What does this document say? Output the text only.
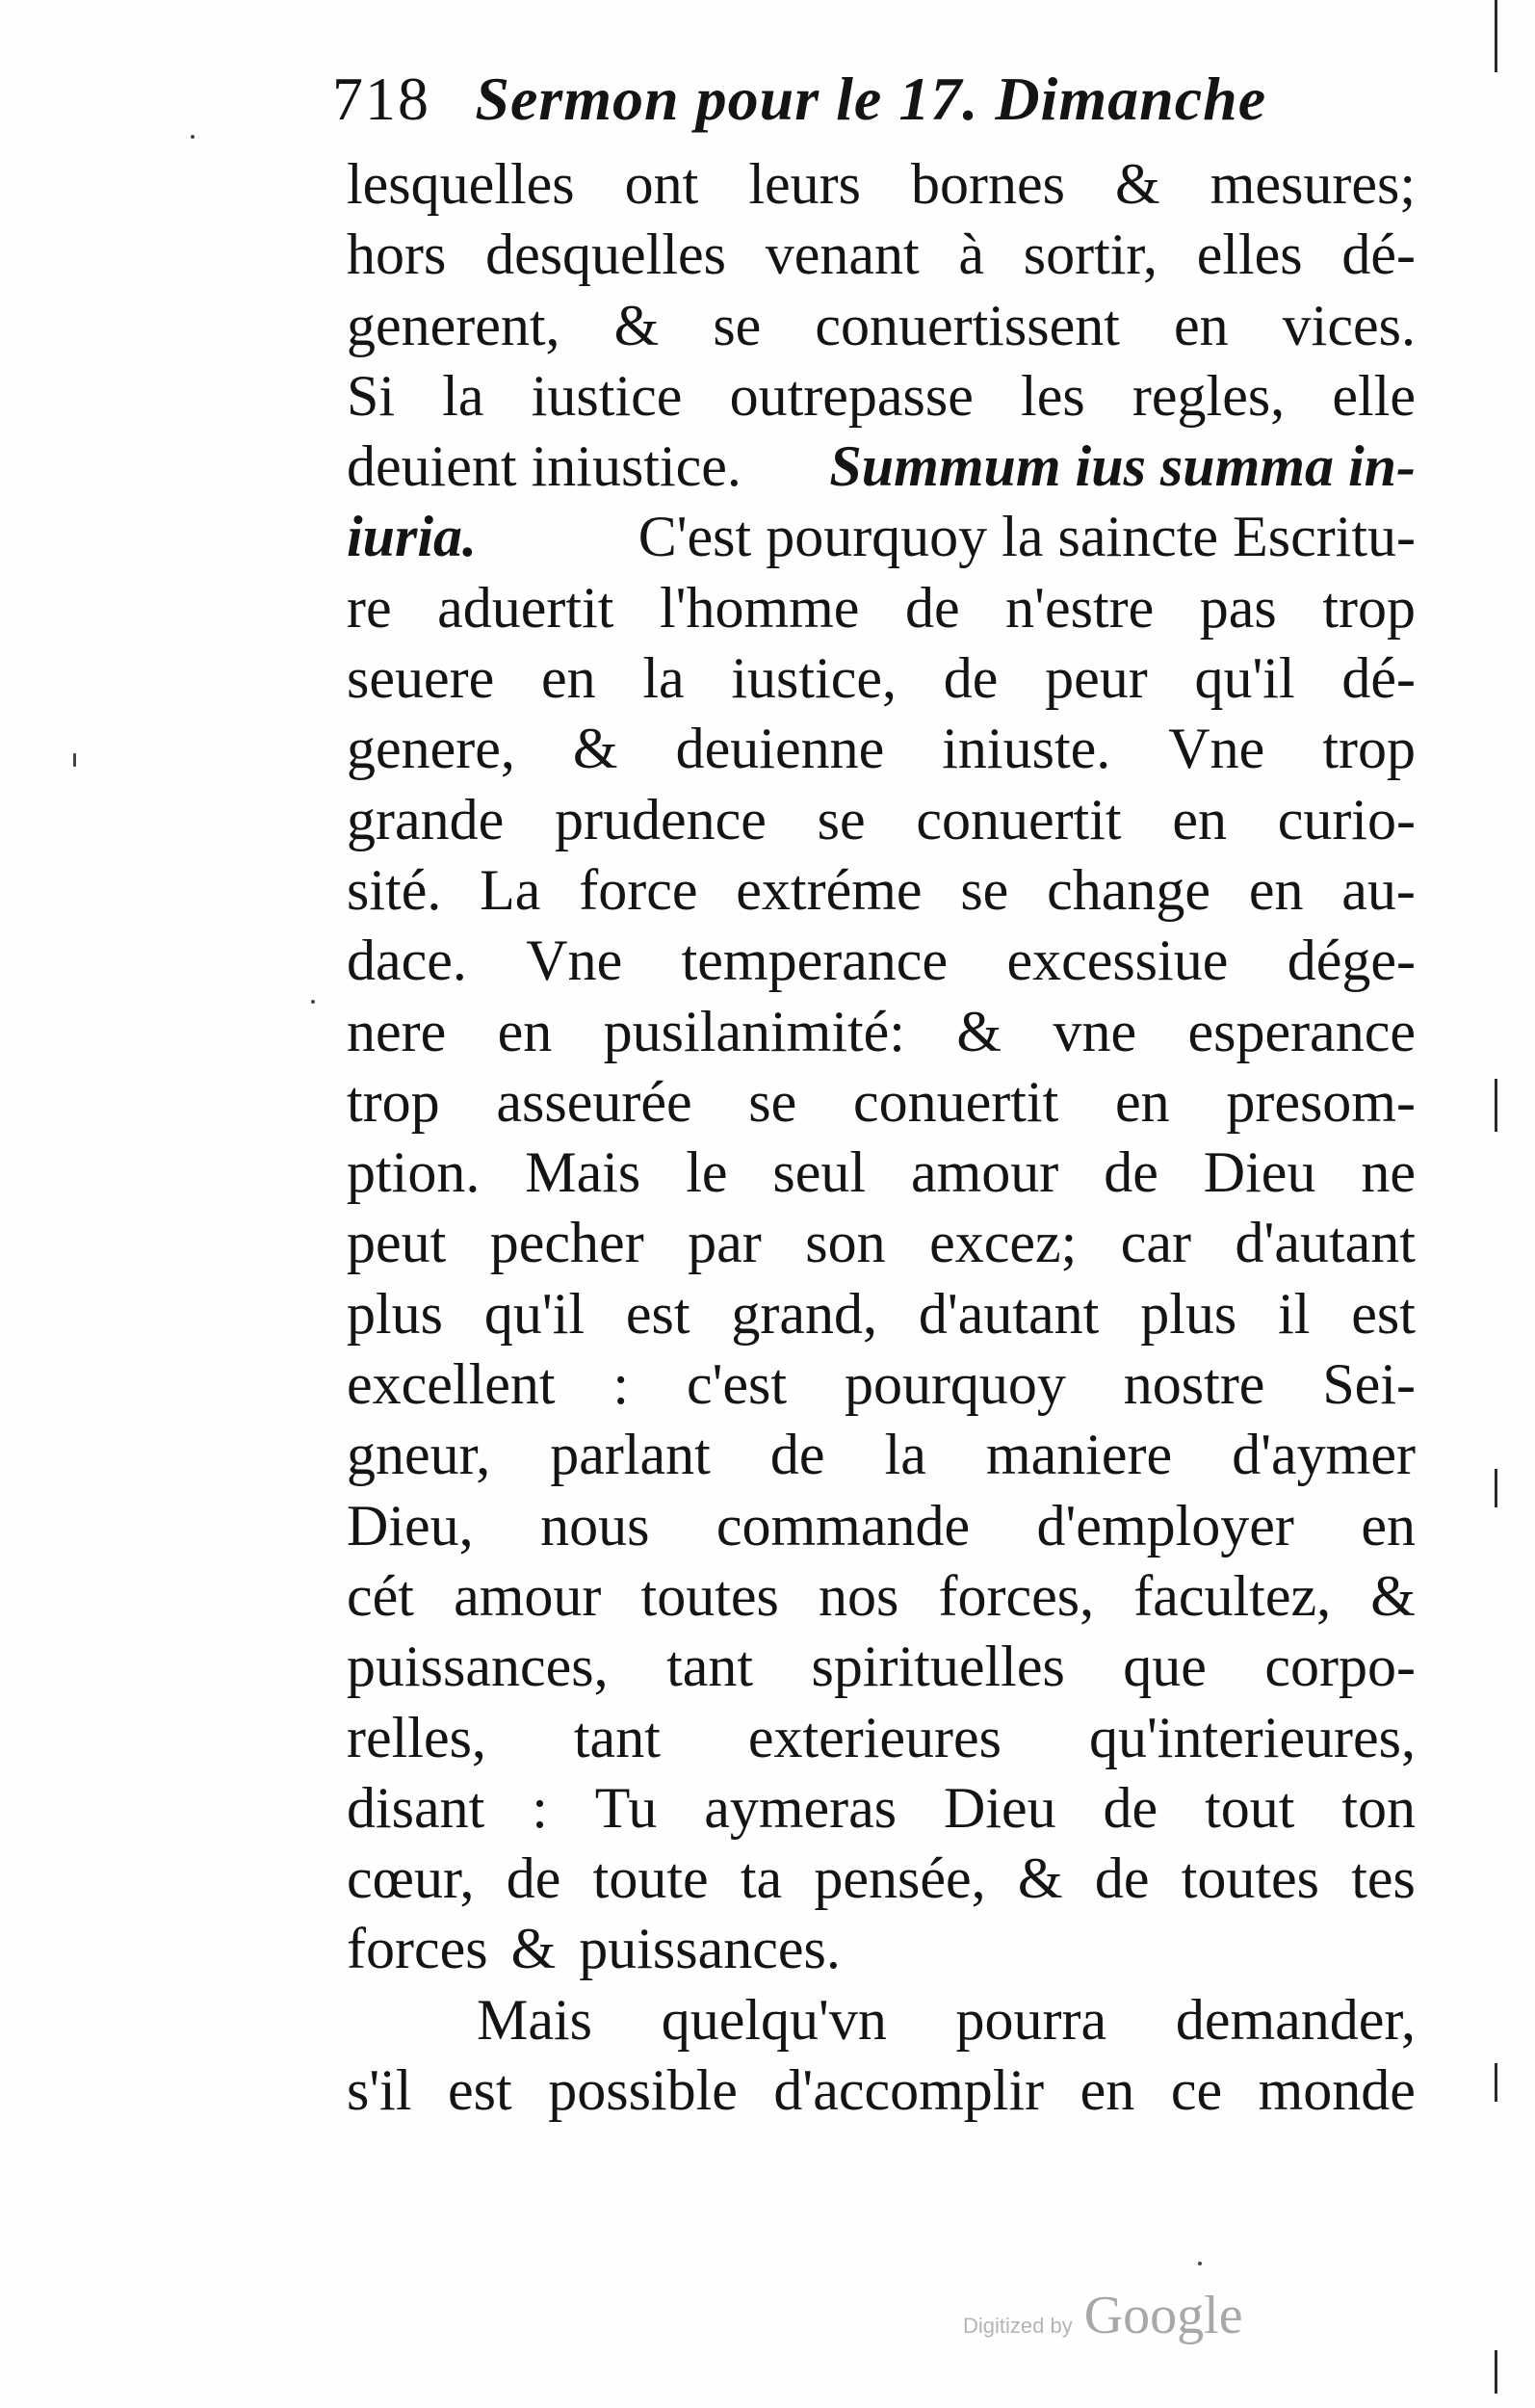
718 Sermon pour le 17. Dimanche
lesquelles ont leurs bornes & mesures;
hors desquelles venant à sortir, elles dé-
generent, & se conuertissent en vices.
Si la iustice outrepasse les regles, elle
deuient iniustice. Summum ius summa in-
iuria.	C'est pourquoy la saincte Escritu-
re aduertit l'homme de n'estre pas trop
seuere en la iustice, de peur qu'il dé-
genere, & deuienne iniuste. Vne trop
grande prudence se conuertit en curio-
sité. La force extréme se change en au-
dace. Vne temperance excessiue dége-
nere en pusilanimité: & vne esperance
trop asseurée se conuertit en presom-
ption. Mais le seul amour de Dieu ne
peut pecher par son excez; car d'autant
plus qu'il est grand, d'autant plus il est
excellent : c'est pourquoy nostre Sei-
gneur, parlant de la maniere d'aymer
Dieu, nous commande d'employer en
cét amour toutes nos forces, facultez, &
puissances, tant spirituelles que corpo-
relles, tant exterieures qu'interieures,
disant : Tu aymeras Dieu de tout ton
cœur, de toute ta pensée, & de toutes tes
forces & puissances.
Mais quelqu'vn pourra demander,
s'il est possible d'accomplir en ce monde
Digitized by Google
